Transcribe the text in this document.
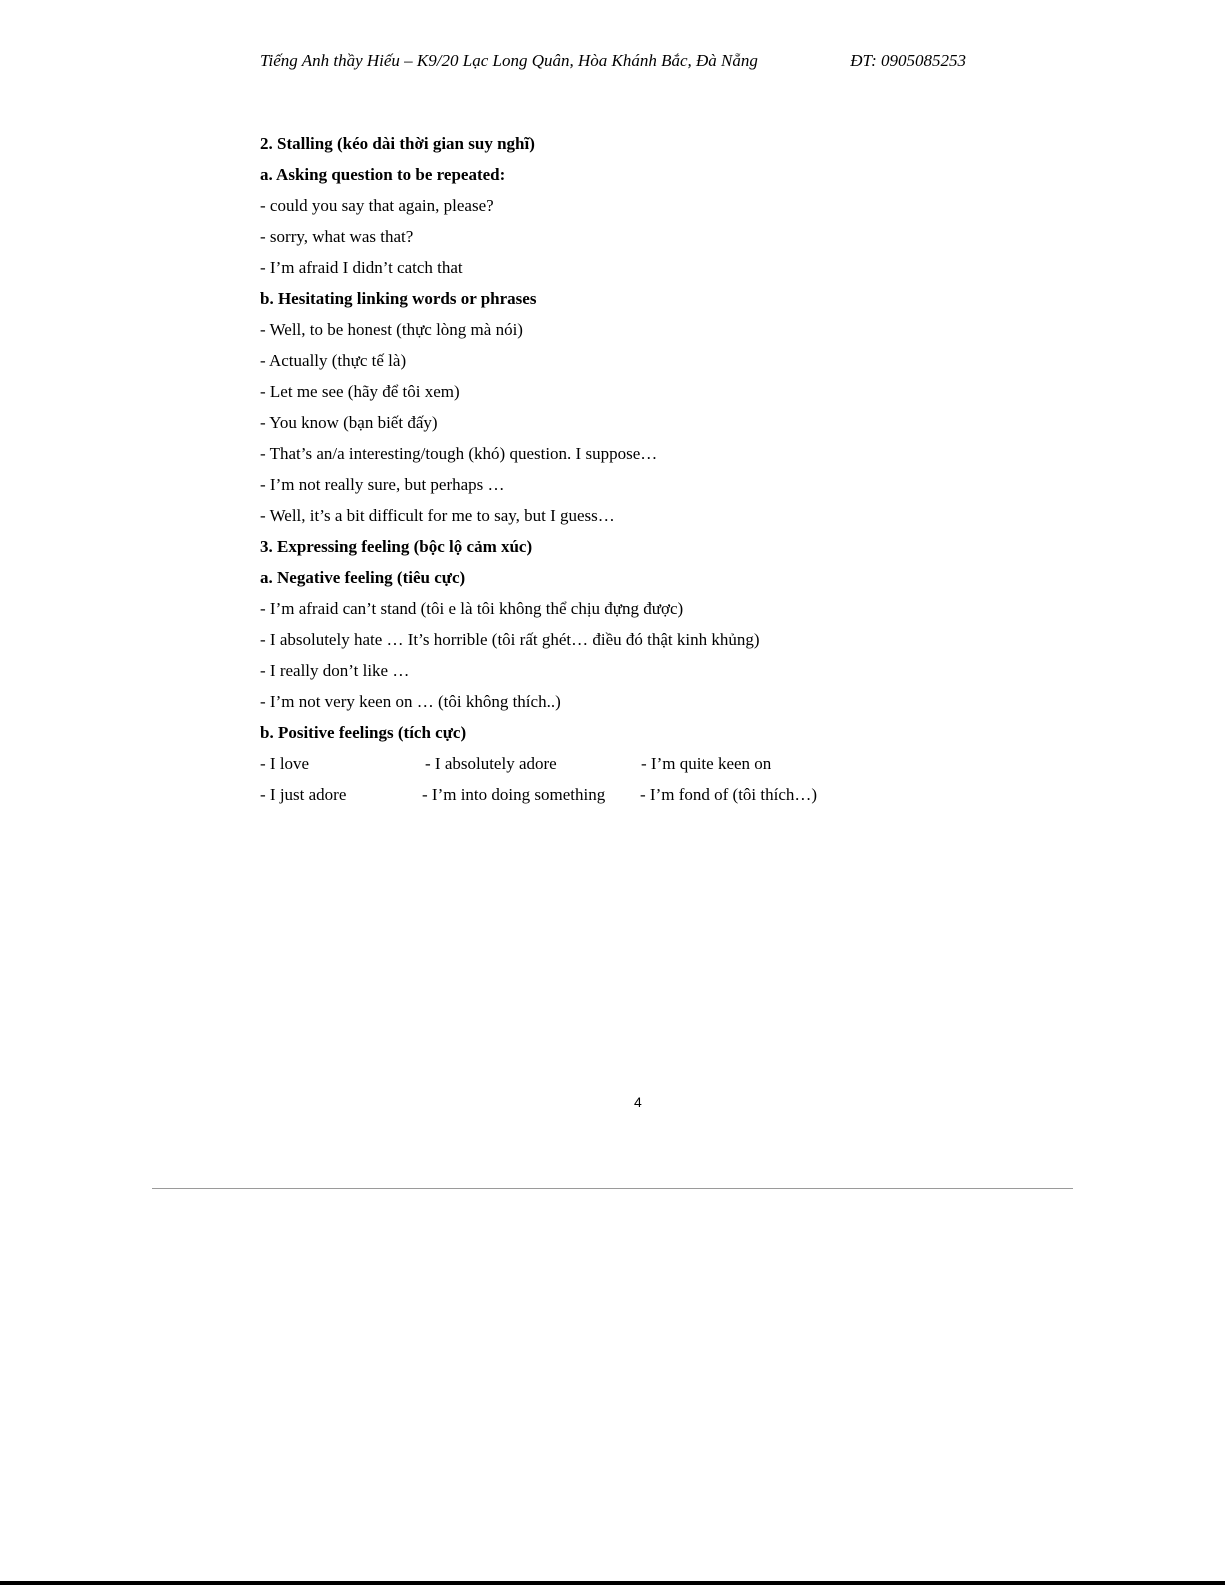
Tiếng Anh thầy Hiếu – K9/20 Lạc Long Quân, Hòa Khánh Bắc, Đà Nẵng	ĐT: 0905085253
2. Stalling (kéo dài thời gian suy nghĩ)
a. Asking question to be repeated:
- could you say that again, please?
- sorry, what was that?
- I’m afraid I didn’t catch that
b. Hesitating linking words or phrases
- Well, to be honest (thực lòng mà nói)
- Actually (thực tế là)
- Let me see (hãy để tôi xem)
- You know (bạn biết đấy)
- That’s an/a interesting/tough (khó) question. I suppose…
- I’m not really sure, but perhaps …
- Well, it’s a bit difficult for me to say, but I guess…
3. Expressing feeling (bộc lộ cảm xúc)
a. Negative feeling (tiêu cực)
- I’m afraid can’t stand (tôi e là tôi không thể chịu đựng được)
- I absolutely hate … It’s horrible (tôi rất ghét… điều đó thật kinh khủng)
- I really don’t like …
- I’m not very keen on … (tôi không thích..)
b. Positive feelings (tích cực)
- I love	- I absolutely adore	- I’m quite keen on
- I just adore	- I’m into doing something - I’m fond of (tôi thích…)
4
